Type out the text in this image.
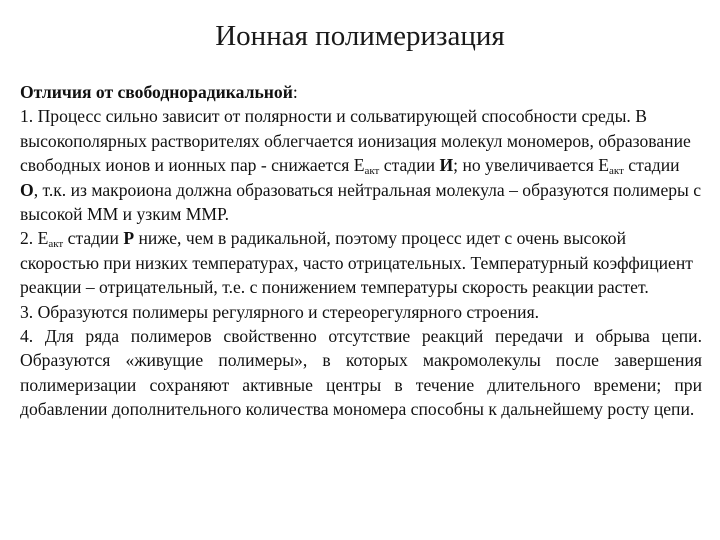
Ионная полимеризация

Отличия от свободнорадикальной:

1. Процесс сильно зависит от полярности и сольватирующей способности среды. В высокополярных растворителях облегчается ионизация молекул мономеров, образование свободных ионов и ионных пар - снижается $Е_{акт}$ стадии И; но увеличивается $Е_{акт}$ стадии О, т.к. из макроиона должна образоваться нейтральная молекула – образуются полимеры с высокой ММ и узким ММР.

2. $Е_{акт}$ стадии Р ниже, чем в радикальной, поэтому процесс идет с очень высокой скоростью при низких температурах, часто отрицательных. Температурный коэффициент реакции – отрицательный, т.е. с понижением температуры скорость реакции растет.

3. Образуются полимеры регулярного и стереорегулярного строения.

4. Для ряда полимеров свойственно отсутствие реакций передачи и обрыва цепи. Образуются «живущие полимеры», в которых макромолекулы после завершения полимеризации сохраняют активные центры в течение длительного времени; при добавлении дополнительного количества мономера способны к дальнейшему росту цепи.
